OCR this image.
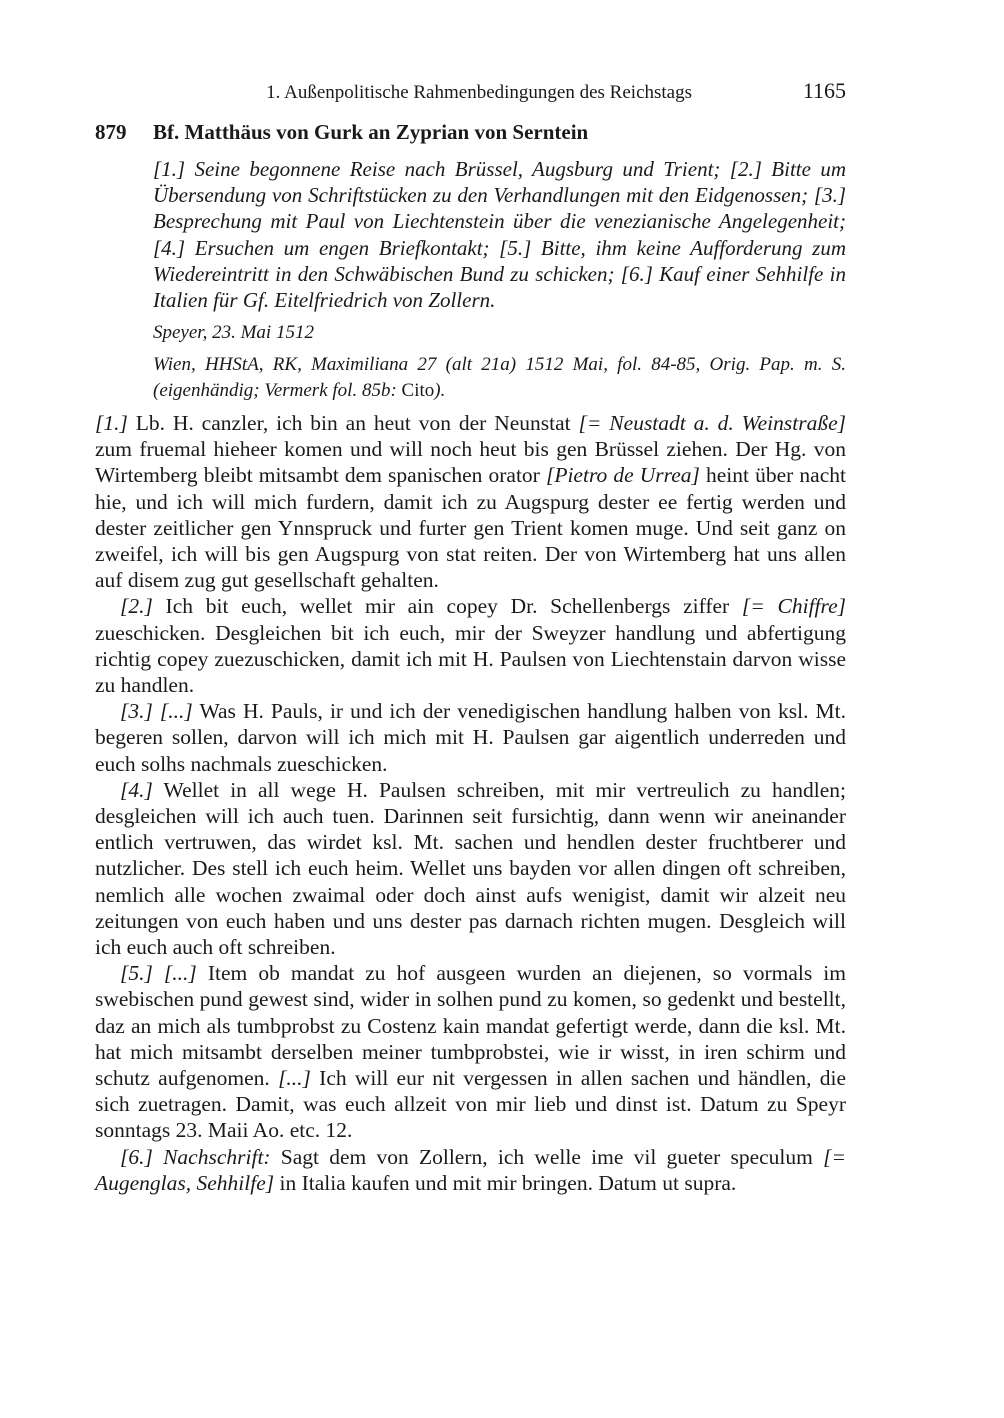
1. Außenpolitische Rahmenbedingungen des Reichstags	1165
879 Bf. Matthäus von Gurk an Zyprian von Serntein
[1.] Seine begonnene Reise nach Brüssel, Augsburg und Trient; [2.] Bitte um Übersendung von Schriftstücken zu den Verhandlungen mit den Eidgenossen; [3.] Besprechung mit Paul von Liechtenstein über die venezianische Angelegenheit; [4.] Ersuchen um engen Briefkontakt; [5.] Bitte, ihm keine Aufforderung zum Wiedereintritt in den Schwäbischen Bund zu schicken; [6.] Kauf einer Sehhilfe in Italien für Gf. Eitelfriedrich von Zollern.
Speyer, 23. Mai 1512
Wien, HHStA, RK, Maximiliana 27 (alt 21a) 1512 Mai, fol. 84-85, Orig. Pap. m. S. (eigenhändig; Vermerk fol. 85b: Cito).

[1.] Lb. H. canzler, ich bin an heut von der Neunstat [= Neustadt a. d. Weinstraße] zum fruemal hieheer komen und will noch heut bis gen Brüssel ziehen. Der Hg. von Wirtemberg bleibt mitsambt dem spanischen orator [Pietro de Urrea] heint über nacht hie, und ich will mich furdern, damit ich zu Augspurg dester ee fertig werden und dester zeitlicher gen Ynnspruck und furter gen Trient komen muge. Und seit ganz on zweifel, ich will bis gen Augspurg von stat reiten. Der von Wirtemberg hat uns allen auf disem zug gut gesellschaft gehalten.

[2.] Ich bit euch, wellet mir ain copey Dr. Schellenbergs ziffer [= Chiffre] zueschicken. Desgleichen bit ich euch, mir der Sweyzer handlung und abfertigung richtig copey zuezuschicken, damit ich mit H. Paulsen von Liechtenstain darvon wisse zu handlen.

[3.] [...] Was H. Pauls, ir und ich der venedigischen handlung halben von ksl. Mt. begeren sollen, darvon will ich mich mit H. Paulsen gar aigentlich underreden und euch solhs nachmals zueschicken.

[4.] Wellet in all wege H. Paulsen schreiben, mit mir vertreulich zu handlen; desgleichen will ich auch tuen. Darinnen seit fursichtig, dann wenn wir aneinander entlich vertruwen, das wirdet ksl. Mt. sachen und hendlen dester fruchtberer und nutzlicher. Des stell ich euch heim. Wellet uns bayden vor allen dingen oft schreiben, nemlich alle wochen zwaimal oder doch ainst aufs wenigist, damit wir alzeit neu zeitungen von euch haben und uns dester pas darnach richten mugen. Desgleich will ich euch auch oft schreiben.

[5.] [...] Item ob mandat zu hof ausgeen wurden an diejenen, so vormals im swebischen pund gewest sind, wider in solhen pund zu komen, so gedenkt und bestellt, daz an mich als tumbprobst zu Costenz kain mandat gefertigt werde, dann die ksl. Mt. hat mich mitsambt derselben meiner tumbprobstei, wie ir wisst, in iren schirm und schutz aufgenomen. [...] Ich will eur nit vergessen in allen sachen und händlen, die sich zuetragen. Damit, was euch allzeit von mir lieb und dinst ist. Datum zu Speyr sonntags 23. Maii Ao. etc. 12.

[6.] Nachschrift: Sagt dem von Zollern, ich welle ime vil gueter speculum [= Augenglas, Sehhilfe] in Italia kaufen und mit mir bringen. Datum ut supra.
